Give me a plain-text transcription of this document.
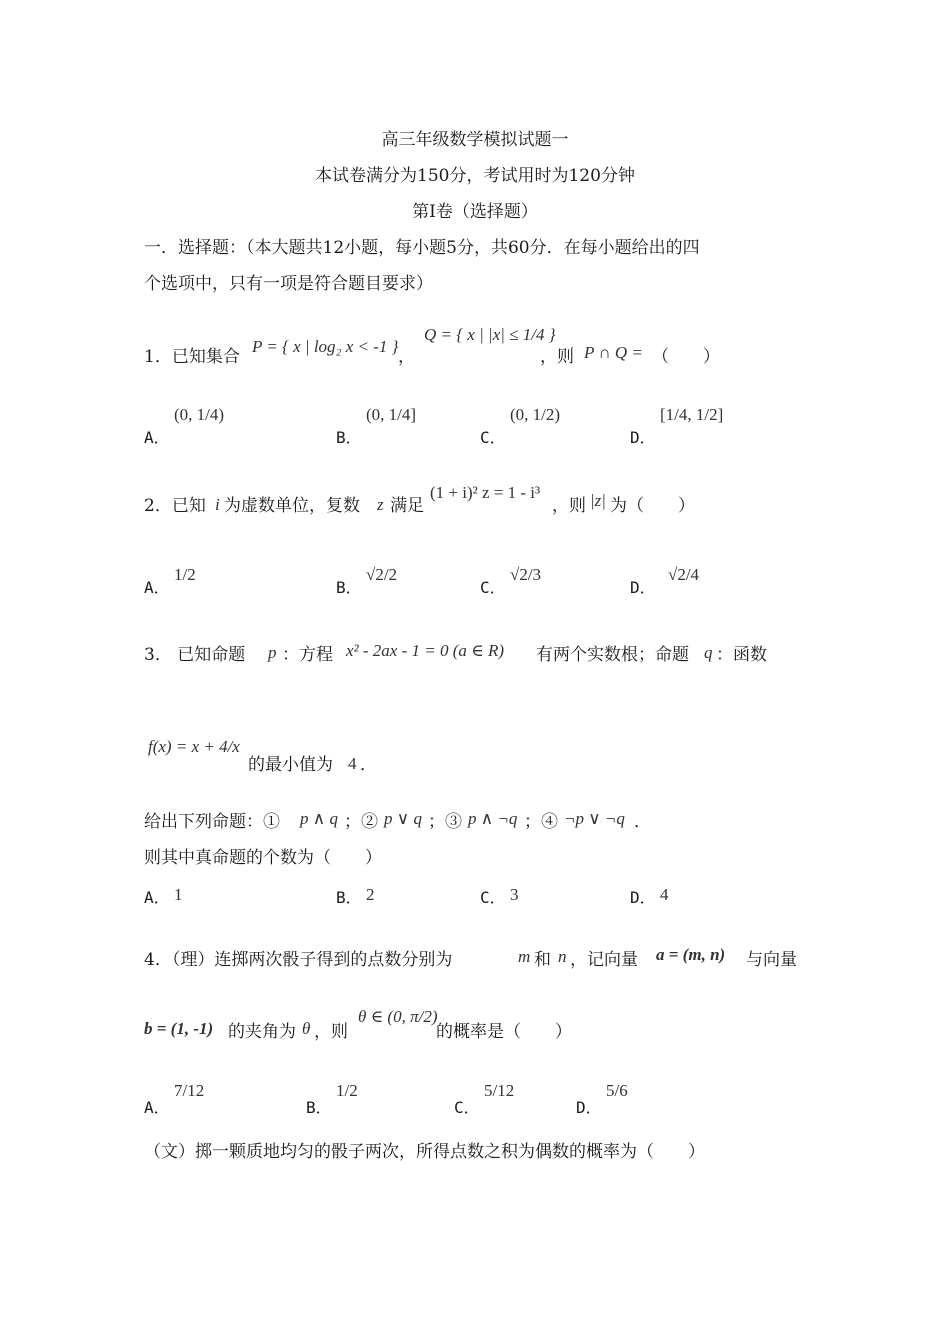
高三年级数学模拟试题一
本试卷满分为150分，考试用时为120分钟
第Ⅰ卷（选择题）
一．选择题：（本大题共12小题，每小题5分，共60分．在每小题给出的四
个选项中，只有一项是符合题目要求）
1．已知集合
P = { x | log₂ x < -1 }
，
Q = { x | |x| ≤ 1/4 }
，则 P ∩ Q = （　　）
A．
(0, 1/4)
B．
(0, 1/4]
C．
(0, 1/2)
D．
[1/4, 1/2]
2．已知 i 为虚数单位，复数 z 满足
(1 + i)² z = 1 - i³
，则 |z| 为（　　）
A．
1/2
B．
√2/2
C．
√2/3
D．
√2/4
3． 已知命题 p ：方程 x² - 2ax - 1 = 0 (a ∈ R) 有两个实数根；命题 q ：函数
f(x) = x + 4/x
的最小值为 4 ．
给出下列命题：① p ∧ q ；② p ∨ q ；③ p ∧ ¬q ；④ ¬p ∨ ¬q ．
则其中真命题的个数为（　　）
A． 1	B． 2	C． 3	D． 4
4．（理）连掷两次骰子得到的点数分别为	m 和 n ，记向量 a = (m, n) 与向量
b = (1, -1) 的夹角为 θ ，则
θ ∈ (0, π/2)
的概率是（　　）
A．
7/12
B．
1/2
C．
5/12
D．
5/6
（文）掷一颗质地均匀的骰子两次，所得点数之积为偶数的概率为（　　）
